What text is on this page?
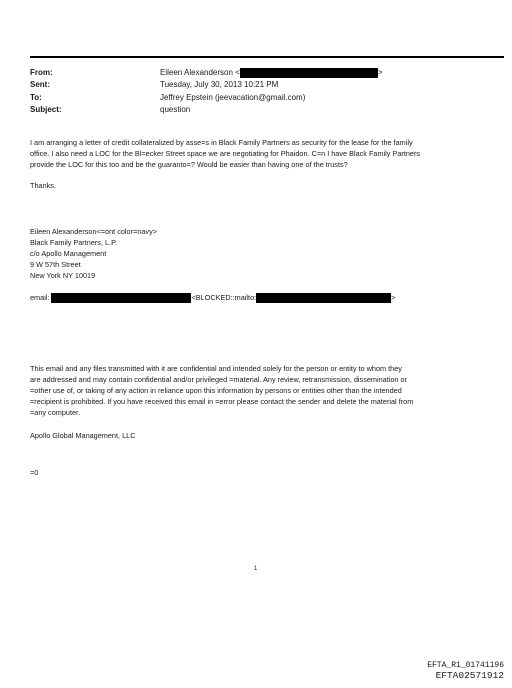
From:	Eileen Alexanderson <	>
Sent:	Tuesday, July 30, 2013 10:21 PM
To:	Jeffrey Epstein (jeevacation@gmail.com)
Subject:	question
I am arranging a letter of credit collateralized by asse=s in Black Family Partners as security for the lease for the family
office. I also need a LOC for the Bl=ecker Street space we are negotiating for Phaidon. C=n I have Black Family Partners
provide the LOC for this too and be the guaranto=? Would be easier than having one of the trusts?
Thanks.
Eileen Alexanderson<=ont color=navy>
Black Family Partners, L.P.
c/o Apollo Management
9 W 57th Street
New York NY 10019
email:	<BLOCKED::mailto:	>
This email and any files transmitted with it are confidential and intended solely for the person or entity to whom they
are addressed and may contain confidential and/or privileged =material. Any review, retransmission, dissemination or
=other use of, or taking of any action in reliance upon this information by persons or entities other than the intended
=recipient is prohibited. If you have received this email in =error please contact the sender and delete the material from
=any computer.
Apollo Global Management, LLC
=0
1
EFTA_R1_01741196
EFTA02571912
